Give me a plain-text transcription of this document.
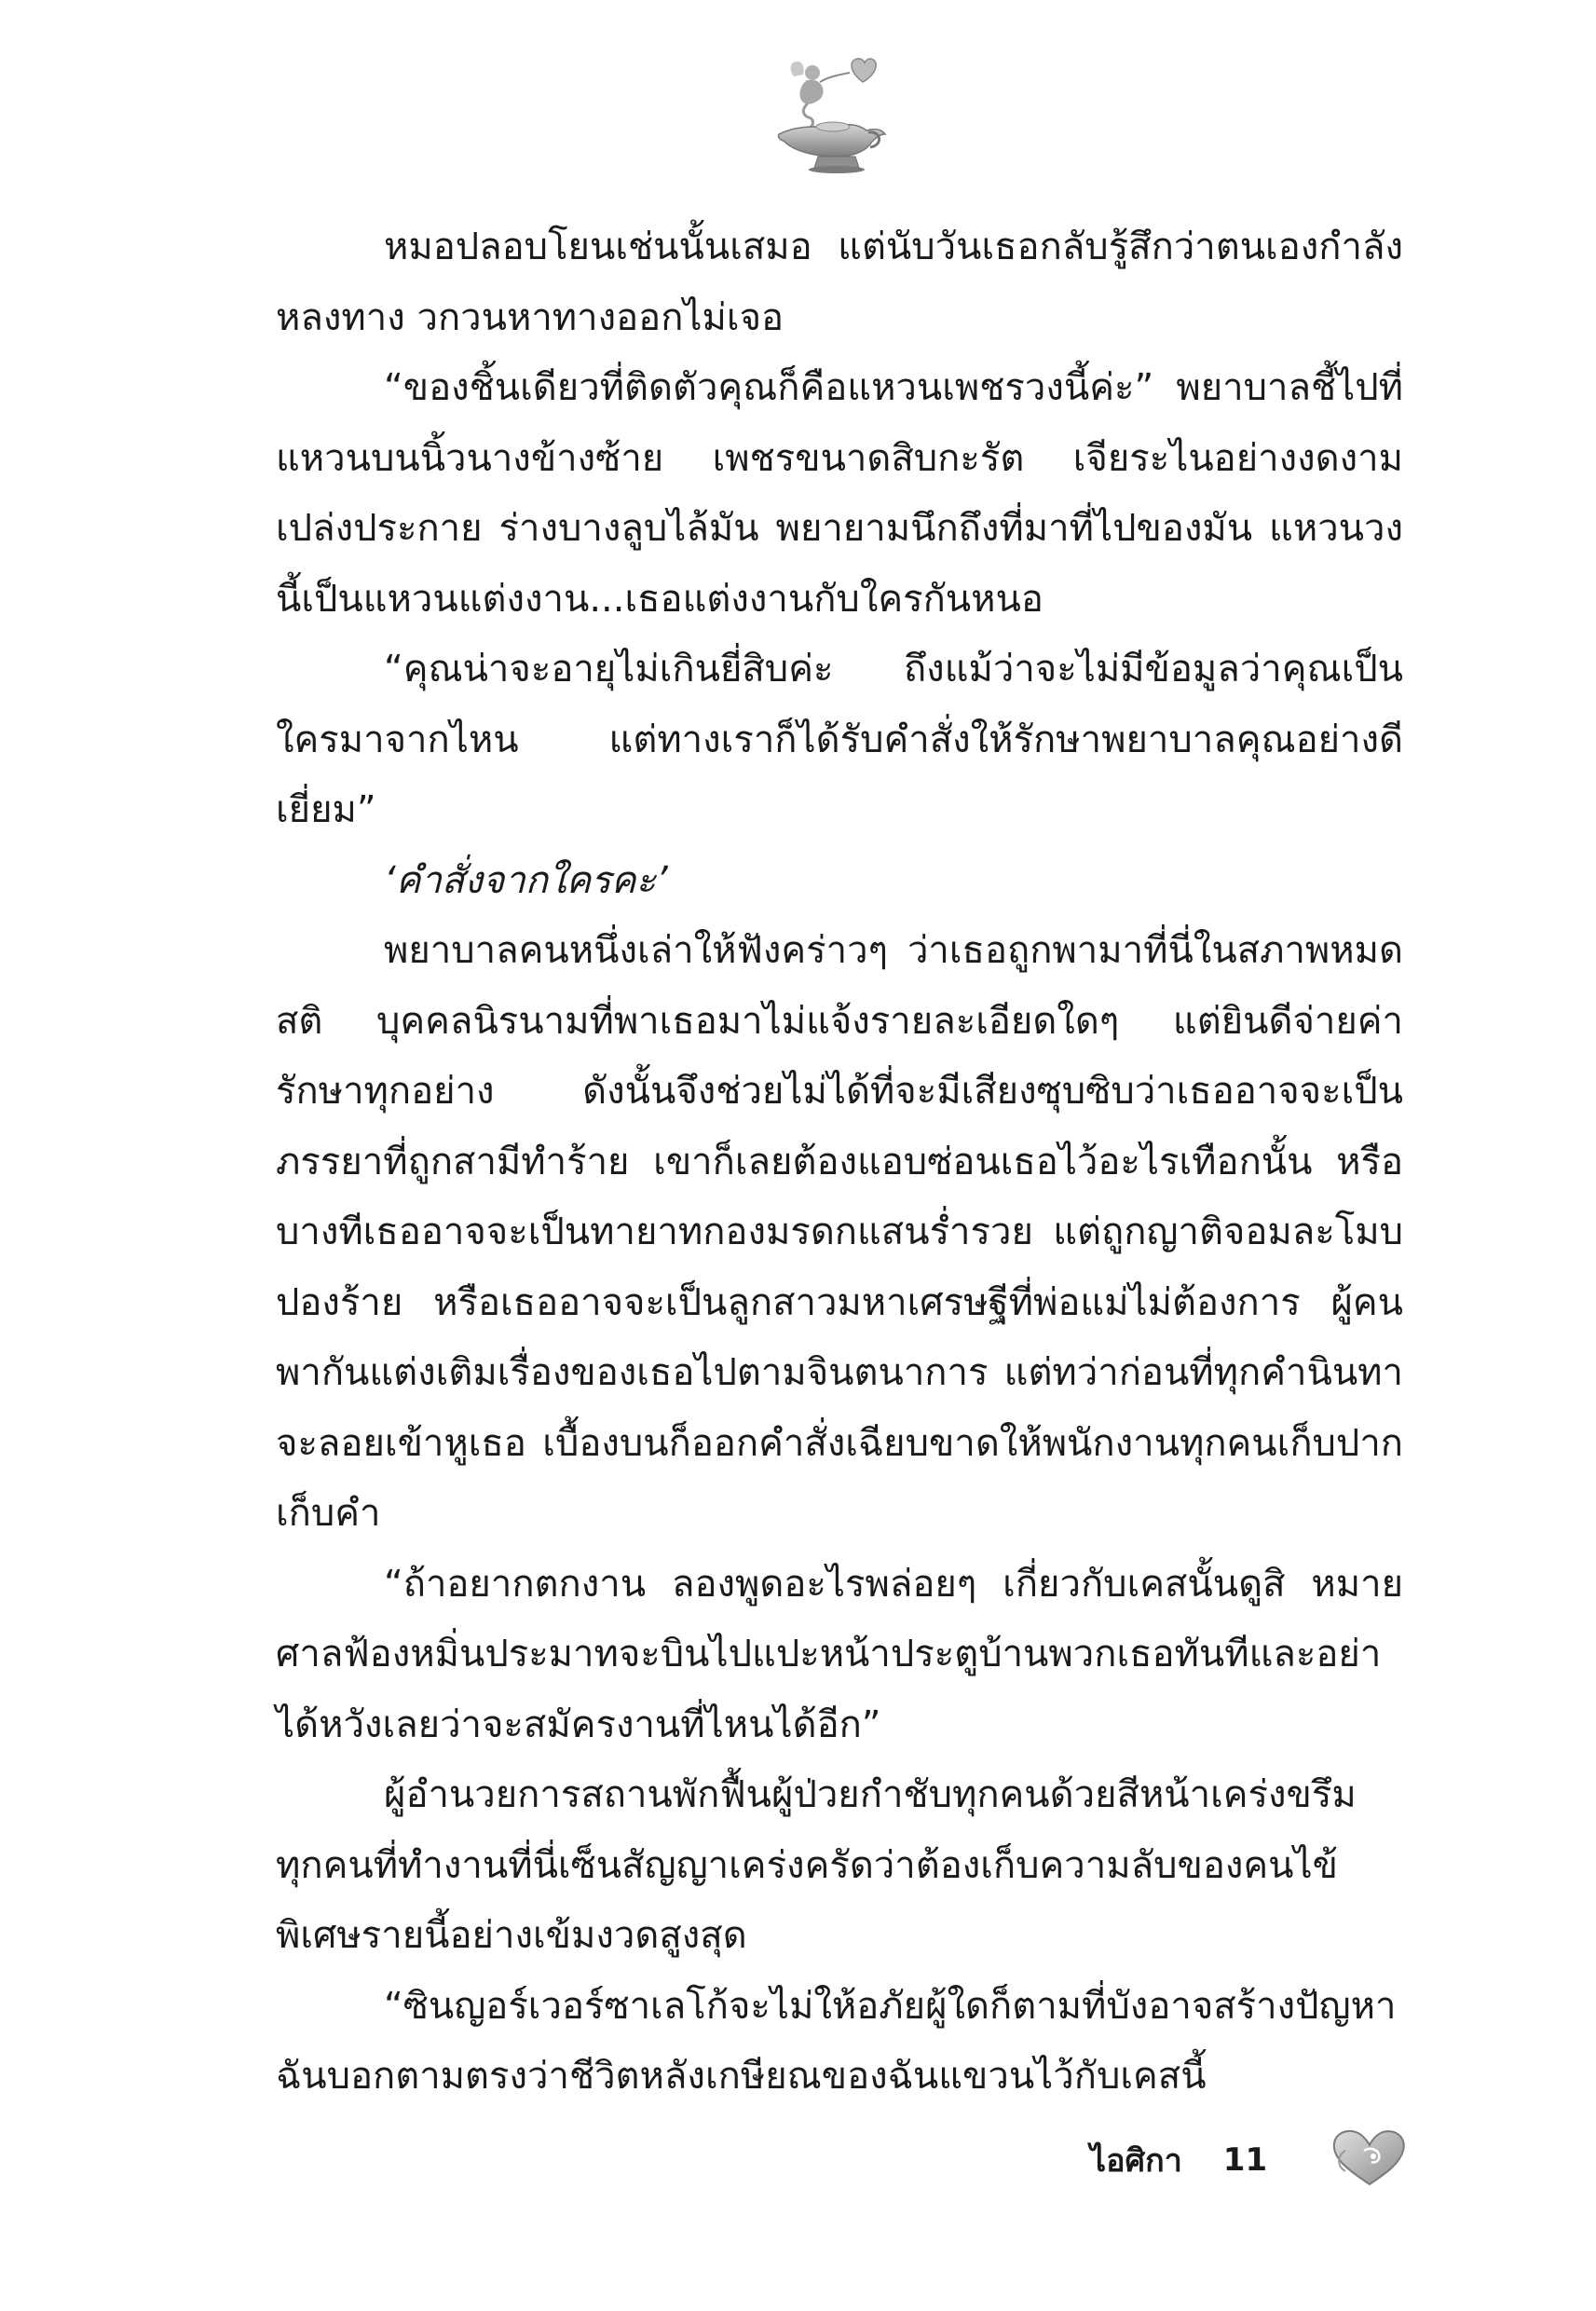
หมอปลอบโยนเช่นนั้นเสมอ แต่นับวันเธอกลับรู้สึกว่าตนเองกำลังหลงทาง วกวนหาทางออกไม่เจอ

“ของชิ้นเดียวที่ติดตัวคุณก็คือแหวนเพชรวงนี้ค่ะ” พยาบาลชี้ไปที่แหวนบนนิ้วนางข้างซ้าย เพชรขนาดสิบกะรัต เจียระไนอย่างงดงามเปล่งประกาย ร่างบางลูบไล้มัน พยายามนึกถึงที่มาที่ไปของมัน แหวนวงนี้เป็นแหวนแต่งงาน...เธอแต่งงานกับใครกันหนอ

“คุณน่าจะอายุไม่เกินยี่สิบค่ะ ถึงแม้ว่าจะไม่มีข้อมูลว่าคุณเป็นใครมาจากไหน แต่ทางเราก็ได้รับคำสั่งให้รักษาพยาบาลคุณอย่างดีเยี่ยม”

‘คำสั่งจากใครคะ’

พยาบาลคนหนึ่งเล่าให้ฟังคร่าวๆ ว่าเธอถูกพามาที่นี่ในสภาพหมดสติ บุคคลนิรนามที่พาเธอมาไม่แจ้งรายละเอียดใดๆ แต่ยินดีจ่ายค่ารักษาทุกอย่าง ดังนั้นจึงช่วยไม่ได้ที่จะมีเสียงซุบซิบว่าเธออาจจะเป็นภรรยาที่ถูกสามีทำร้าย เขาก็เลยต้องแอบซ่อนเธอไว้อะไรเทือกนั้น หรือบางทีเธออาจจะเป็นทายาทกองมรดกแสนร่ำรวย แต่ถูกญาติจอมละโมบปองร้าย หรือเธออาจจะเป็นลูกสาวมหาเศรษฐีที่พ่อแม่ไม่ต้องการ ผู้คนพากันแต่งเติมเรื่องของเธอไปตามจินตนาการ แต่ทว่าก่อนที่ทุกคำนินทาจะลอยเข้าหูเธอ เบื้องบนก็ออกคำสั่งเฉียบขาดให้พนักงานทุกคนเก็บปากเก็บคำ

“ถ้าอยากตกงาน ลองพูดอะไรพล่อยๆ เกี่ยวกับเคสนั้นดูสิ หมายศาลฟ้องหมิ่นประมาทจะบินไปแปะหน้าประตูบ้านพวกเธอทันทีและอย่าได้หวังเลยว่าจะสมัครงานที่ไหนได้อีก”

ผู้อำนวยการสถานพักฟื้นผู้ป่วยกำชับทุกคนด้วยสีหน้าเคร่งขรึม ทุกคนที่ทำงานที่นี่เซ็นสัญญาเคร่งครัดว่าต้องเก็บความลับของคนไข้พิเศษรายนี้อย่างเข้มงวดสูงสุด

“ซินญอร์เวอร์ซาเลโก้จะไม่ให้อภัยผู้ใดก็ตามที่บังอาจสร้างปัญหา ฉันบอกตามตรงว่าชีวิตหลังเกษียณของฉันแขวนไว้กับเคสนี้

ไอศิกา 11
